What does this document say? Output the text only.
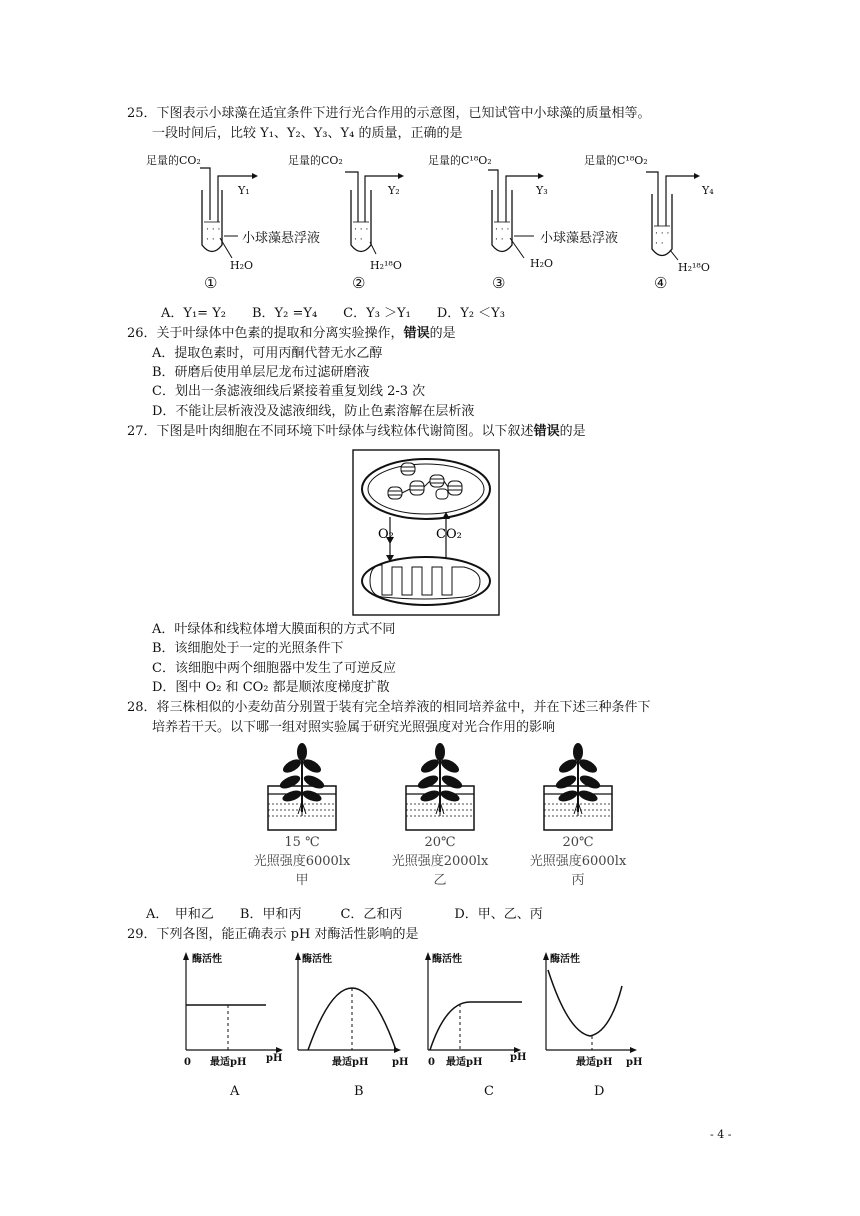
25．下图表示小球藻在适宜条件下进行光合作用的示意图，已知试管中小球藻的质量相等。
一段时间后，比较 Y₁、Y₂、Y₃、Y₄ 的质量，正确的是
足量的CO₂
Y₁
· · ·
· ·
H₂O
①
小球藻悬浮液
足量的CO₂
Y₂
· · ·
· ·
H₂¹⁸O
②
足量的C¹⁸O₂
Y₃
· · ·
· ·
H₂O
③
小球藻悬浮液
足量的C¹⁸O₂
Y₄
· · ·
· ·
H₂¹⁸O
④
A．Y₁= Y₂　　B．Y₂ =Y₄　　C．Y₃ ＞Y₁　　D．Y₂ ＜Y₃
26．关于叶绿体中色素的提取和分离实验操作，错误的是
A．提取色素时，可用丙酮代替无水乙醇
B．研磨后使用单层尼龙布过滤研磨液
C．划出一条滤液细线后紧接着重复划线 2-3 次
D．不能让层析液没及滤液细线，防止色素溶解在层析液
27．下图是叶肉细胞在不同环境下叶绿体与线粒体代谢简图。以下叙述错误的是
O₂	CO₂
A．叶绿体和线粒体增大膜面积的方式不同
B．该细胞处于一定的光照条件下
C．该细胞中两个细胞器中发生了可逆反应
D．图中 O₂ 和 CO₂ 都是顺浓度梯度扩散
28．将三株相似的小麦幼苗分别置于装有完全培养液的相同培养盆中，并在下述三种条件下
培养若干天。以下哪一组对照实验属于研究光照强度对光合作用的影响
15 ℃
光照强度6000lx
甲
20℃
光照强度2000lx
乙
20℃
光照强度6000lx
丙
A．　甲和乙　　B．甲和丙　　　C．乙和丙　　　　D．甲、乙、丙
29．下列各图，能正确表示 pH 对酶活性影响的是
酶活性
0 最适pH pH
A
酶活性
最适pH pH
B
酶活性
0 最适pH	pH
C
酶活性
最适pH pH
D
- 4 -
